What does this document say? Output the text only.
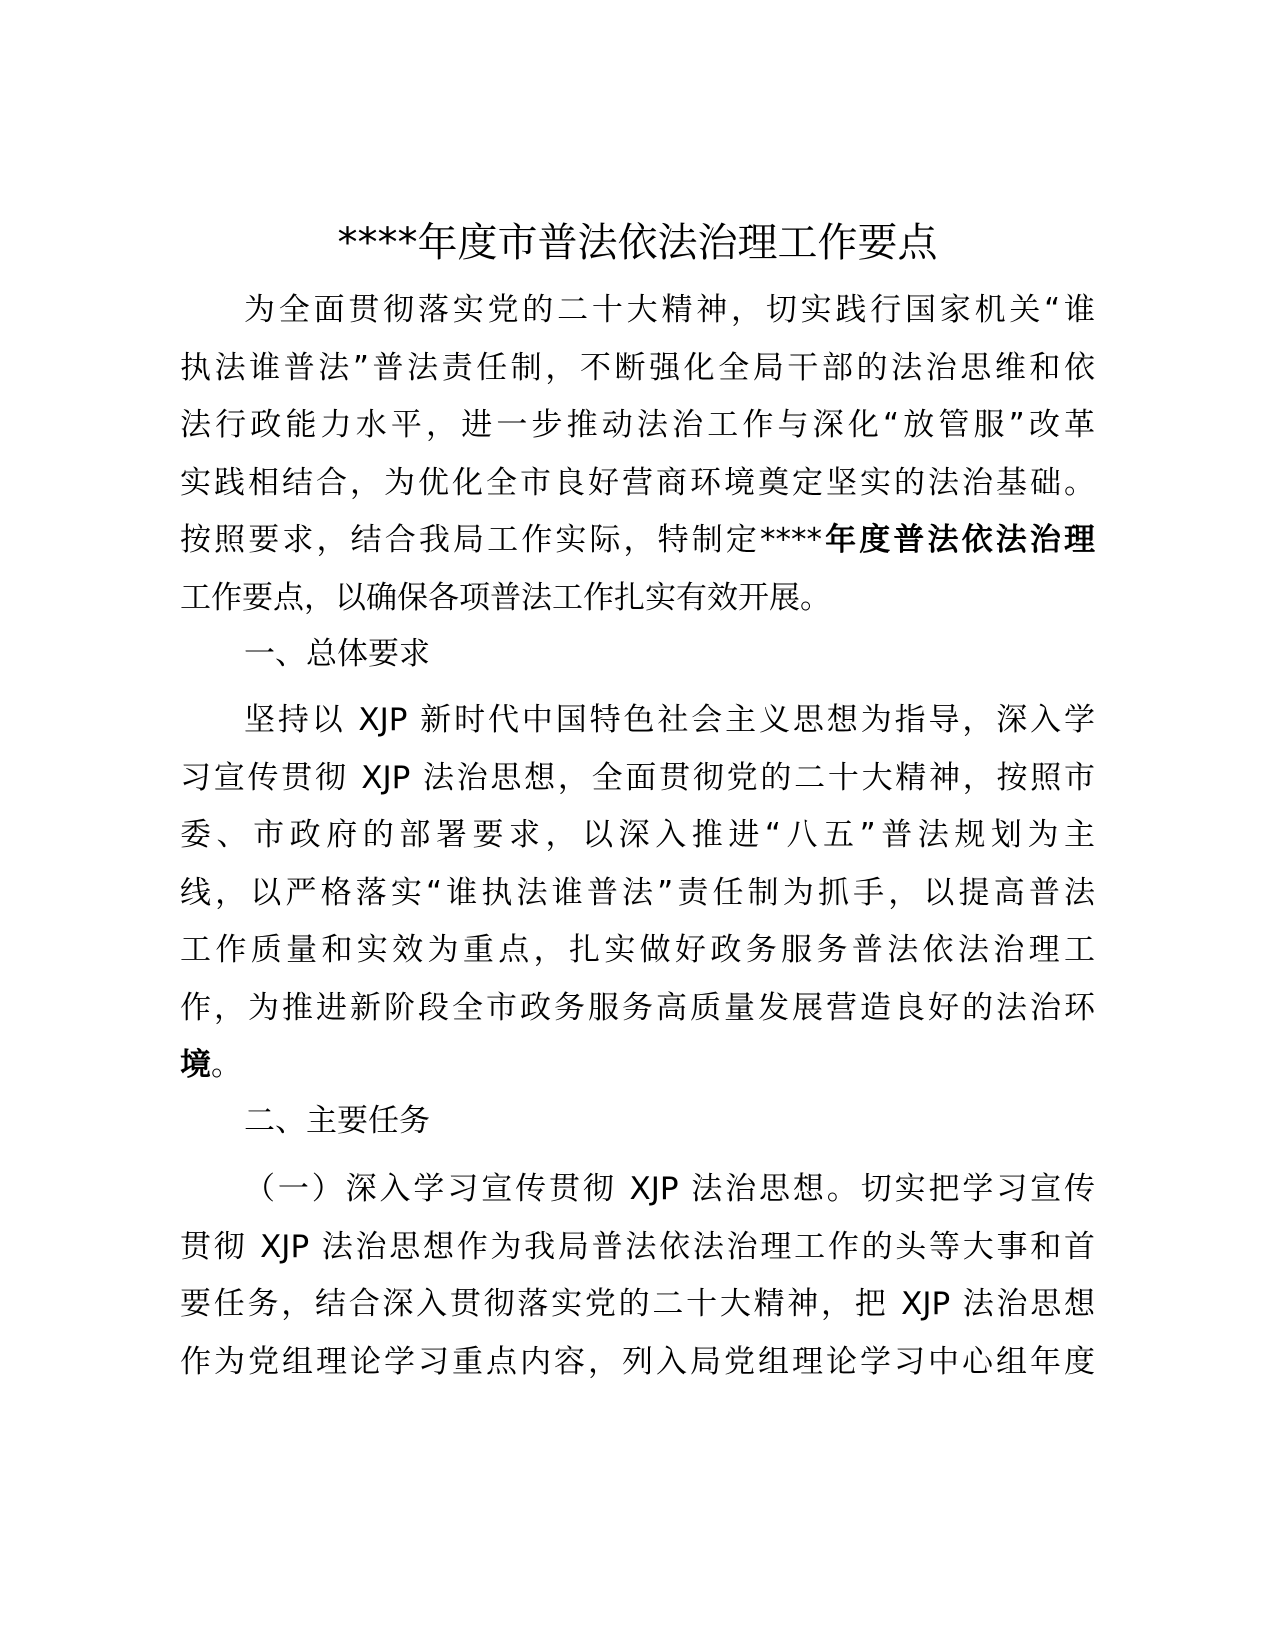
****年度市普法依法治理工作要点
为全面贯彻落实党的二十大精神，切实践行国家机关“谁
执法谁普法”普法责任制，不断强化全局干部的法治思维和依
法行政能力水平，进一步推动法治工作与深化“放管服”改革
实践相结合，为优化全市良好营商环境奠定坚实的法治基础。
按照要求，结合我局工作实际，特制定****年度普法依法治理
工作要点，以确保各项普法工作扎实有效开展。
一、总体要求
坚持以 XJP 新时代中国特色社会主义思想为指导，深入学
习宣传贯彻 XJP 法治思想，全面贯彻党的二十大精神，按照市
委、市政府的部署要求，以深入推进“八五”普法规划为主
线，以严格落实“谁执法谁普法”责任制为抓手，以提高普法
工作质量和实效为重点，扎实做好政务服务普法依法治理工
作，为推进新阶段全市政务服务高质量发展营造良好的法治环
境。
二、主要任务
（一）深入学习宣传贯彻 XJP 法治思想。切实把学习宣传
贯彻 XJP 法治思想作为我局普法依法治理工作的头等大事和首
要任务，结合深入贯彻落实党的二十大精神，把 XJP 法治思想
作为党组理论学习重点内容，列入局党组理论学习中心组年度
